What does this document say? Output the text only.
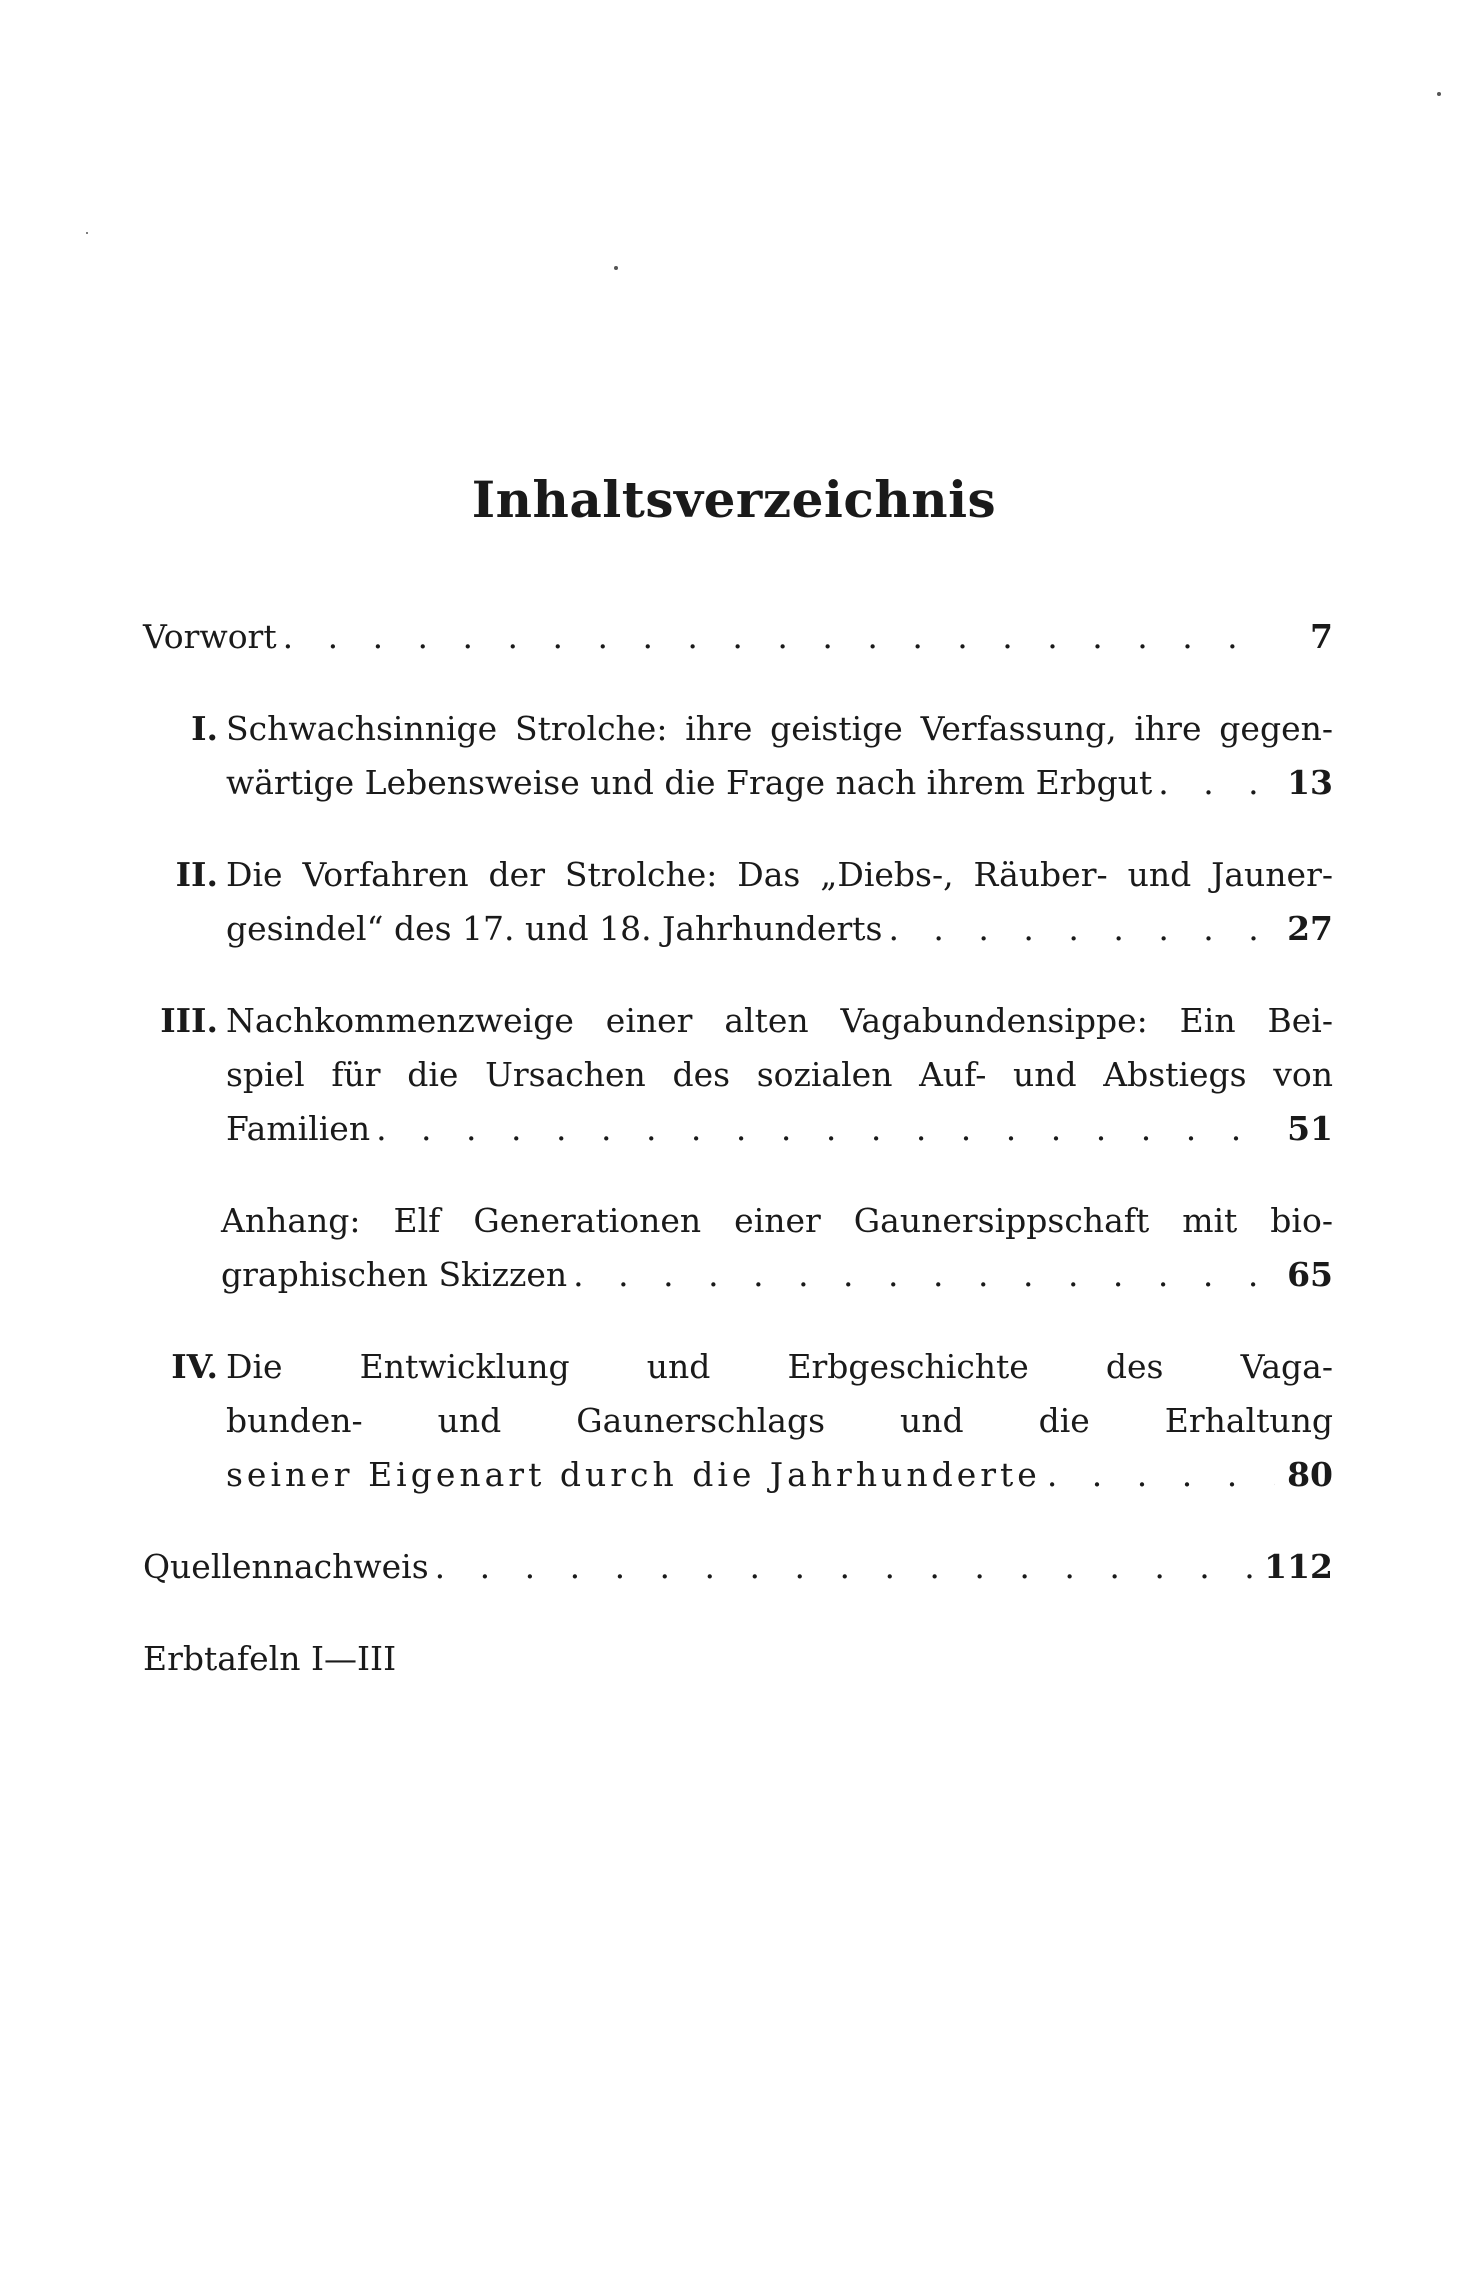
Inhaltsverzeichnis
Vorwort . . .	7
I. Schwachsinnige Strolche: ihre geistige Verfassung, ihre gegen-
wärtige Lebensweise und die Frage nach ihrem Erbgut . . .	13
II. Die Vorfahren der Strolche: Das „Diebs-, Räuber- und Jauner-
gesindel“ des 17. und 18. Jahrhunderts . . .	27
III. Nachkommenzweige einer alten Vagabundensippe: Ein Bei-
spiel für die Ursachen des sozialen Auf- und Abstiegs von
Familien . . .	51
Anhang: Elf Generationen einer Gaunersippschaft mit bio-
graphischen Skizzen . . .	65
IV. Die Entwicklung und Erbgeschichte des Vaga-
bunden- und Gaunerschlags und die Erhaltung
seiner Eigenart durch die Jahrhunderte . . .	80
Quellennachweis . . .	112
Erbtafeln I—III
